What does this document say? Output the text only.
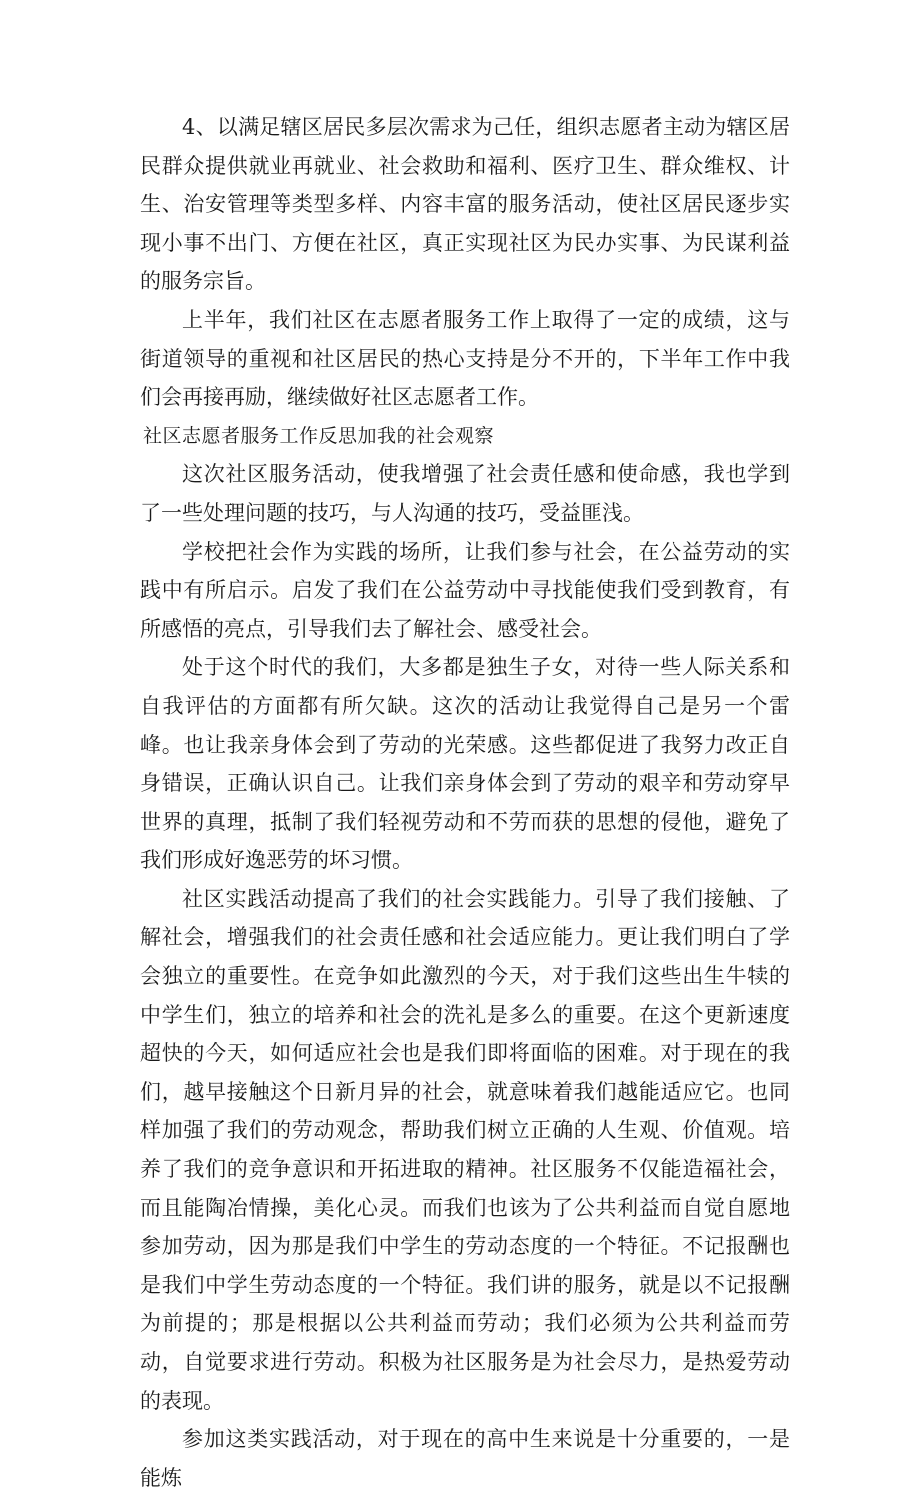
4、以满足辖区居民多层次需求为己任，组织志愿者主动为辖区居民群众提供就业再就业、社会救助和福利、医疗卫生、群众维权、计生、治安管理等类型多样、内容丰富的服务活动，使社区居民逐步实现小事不出门、方便在社区，真正实现社区为民办实事、为民谋利益的服务宗旨。

上半年，我们社区在志愿者服务工作上取得了一定的成绩，这与街道领导的重视和社区居民的热心支持是分不开的，下半年工作中我们会再接再励，继续做好社区志愿者工作。

社区志愿者服务工作反思加我的社会观察

这次社区服务活动，使我增强了社会责任感和使命感，我也学到了一些处理问题的技巧，与人沟通的技巧，受益匪浅。

学校把社会作为实践的场所，让我们参与社会，在公益劳动的实践中有所启示。启发了我们在公益劳动中寻找能使我们受到教育，有所感悟的亮点，引导我们去了解社会、感受社会。

处于这个时代的我们，大多都是独生子女，对待一些人际关系和自我评估的方面都有所欠缺。这次的活动让我觉得自己是另一个雷峰。也让我亲身体会到了劳动的光荣感。这些都促进了我努力改正自身错误，正确认识自己。让我们亲身体会到了劳动的艰辛和劳动穿早世界的真理，抵制了我们轻视劳动和不劳而获的思想的侵他，避免了我们形成好逸恶劳的坏习惯。

社区实践活动提高了我们的社会实践能力。引导了我们接触、了解社会，增强我们的社会责任感和社会适应能力。更让我们明白了学会独立的重要性。在竞争如此激烈的今天，对于我们这些出生牛犊的中学生们，独立的培养和社会的洗礼是多么的重要。在这个更新速度超快的今天，如何适应社会也是我们即将面临的困难。对于现在的我们，越早接触这个日新月异的社会，就意味着我们越能适应它。也同样加强了我们的劳动观念，帮助我们树立正确的人生观、价值观。培养了我们的竞争意识和开拓进取的精神。社区服务不仅能造福社会，而且能陶冶情操，美化心灵。而我们也该为了公共利益而自觉自愿地参加劳动，因为那是我们中学生的劳动态度的一个特征。不记报酬也是我们中学生劳动态度的一个特征。我们讲的服务，就是以不记报酬为前提的；那是根据以公共利益而劳动；我们必须为公共利益而劳动，自觉要求进行劳动。积极为社区服务是为社会尽力，是热爱劳动的表现。

参加这类实践活动，对于现在的高中生来说是十分重要的，一是能炼
